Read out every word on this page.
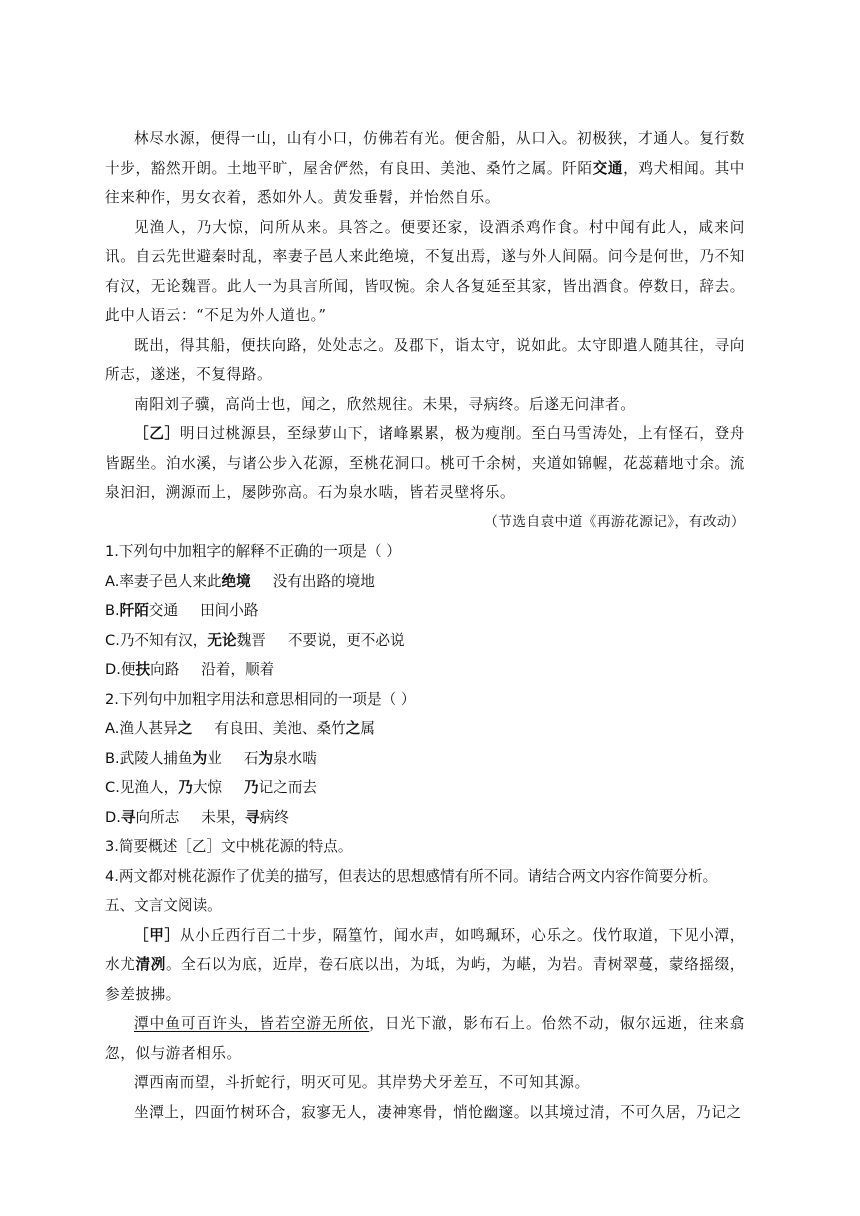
林尽水源，便得一山，山有小口，仿佛若有光。便舍船，从口入。初极狭，才通人。复行数十步，豁然开朗。土地平旷，屋舍俨然，有良田、美池、桑竹之属。阡陌交通，鸡犬相闻。其中往来种作，男女衣着，悉如外人。黄发垂髫，并怡然自乐。

见渔人，乃大惊，问所从来。具答之。便要还家，设酒杀鸡作食。村中闻有此人，咸来问讯。自云先世避秦时乱，率妻子邑人来此绝境，不复出焉，遂与外人间隔。问今是何世，乃不知有汉，无论魏晋。此人一为具言所闻，皆叹惋。余人各复延至其家，皆出酒食。停数日，辞去。此中人语云：“不足为外人道也。”

既出，得其船，便扶向路，处处志之。及郡下，诣太守，说如此。太守即遣人随其往，寻向所志，遂迷，不复得路。

南阳刘子骥，高尚士也，闻之，欣然规往。未果，寻病终。后遂无问津者。

［乙］明日过桃源县，至绿萝山下，诸峰累累，极为瘦削。至白马雪涛处，上有怪石，登舟皆踞坐。泊水溪，与诸公步入花源，至桃花洞口。桃可千余树，夹道如锦幄，花蕊藉地寸余。流泉汩汩，溯源而上，屡陟弥高。石为泉水啮，皆若灵壁将乐。

（节选自袁中道《再游花源记》，有改动）

1.下列句中加粗字的解释不正确的一项是（ ）

A.率妻子邑人来此绝境 没有出路的境地

B.阡陌交通 田间小路

C.乃不知有汉，无论魏晋 不要说，更不必说

D.便扶向路 沿着，顺着

2.下列句中加粗字用法和意思相同的一项是（ ）

A.渔人甚异之 有良田、美池、桑竹之属

B.武陵人捕鱼为业 石为泉水啮

C.见渔人，乃大惊 乃记之而去

D.寻向所志 未果，寻病终

3.简要概述［乙］文中桃花源的特点。

4.两文都对桃花源作了优美的描写，但表达的思想感情有所不同。请结合两文内容作简要分析。

五、文言文阅读。

［甲］从小丘西行百二十步，隔篁竹，闻水声，如鸣珮环，心乐之。伐竹取道，下见小潭，水尤清冽。全石以为底，近岸，卷石底以出，为坻，为屿，为嵁，为岩。青树翠蔓，蒙络摇缀，参差披拂。

潭中鱼可百许头，皆若空游无所依，日光下澈，影布石上。佁然不动，俶尔远逝，往来翕忽，似与游者相乐。

潭西南而望，斗折蛇行，明灭可见。其岸势犬牙差互，不可知其源。

坐潭上，四面竹树环合，寂寥无人，凄神寒骨，悄怆幽邃。以其境过清，不可久居，乃记之
